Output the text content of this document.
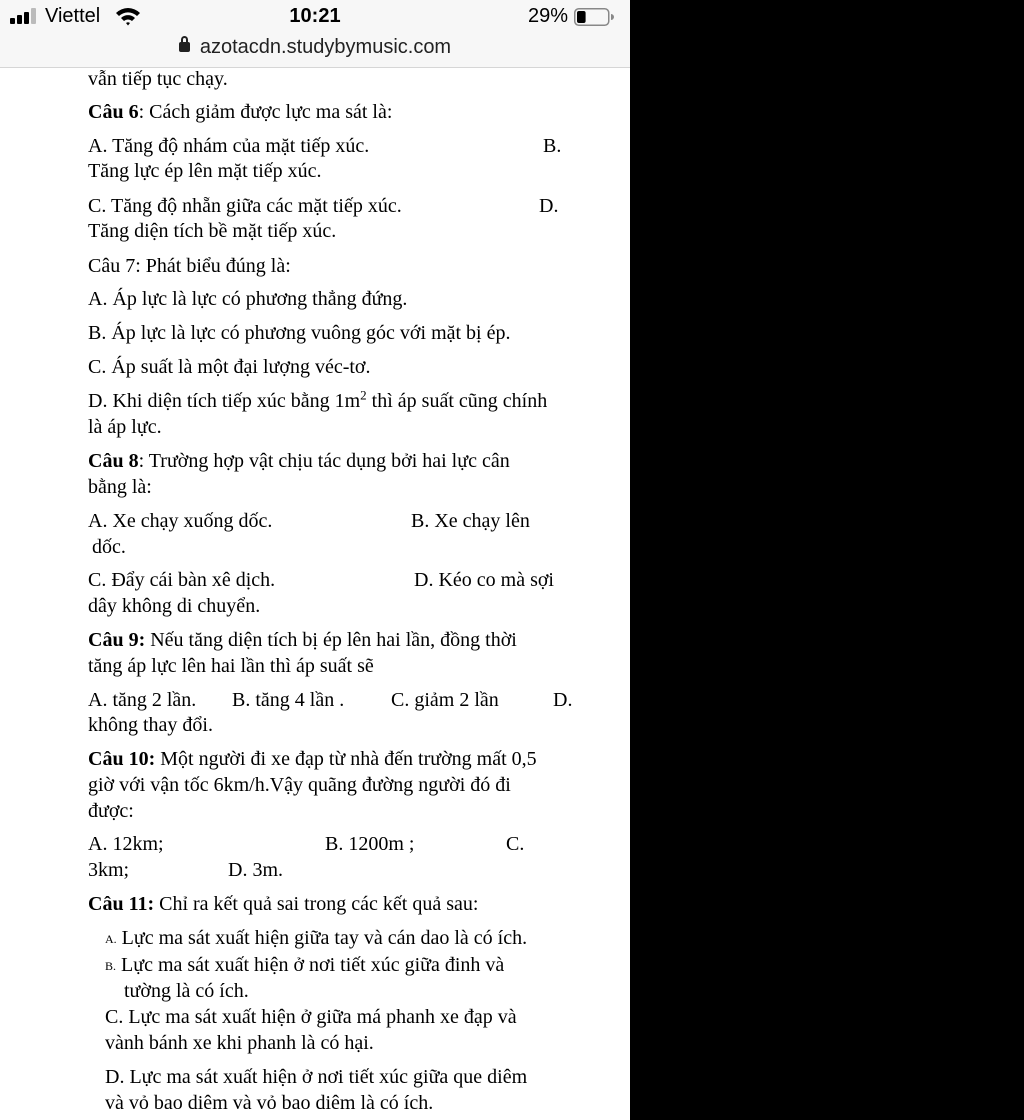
Viettel	10:21	29%
azotacdn.studybymusic.com
vẫn tiếp tục chạy.
Câu 6: Cách giảm được lực ma sát là:
A. Tăng độ nhám của mặt tiếp xúc.	B.
Tăng lực ép lên mặt tiếp xúc.
C. Tăng độ nhẵn giữa các mặt tiếp xúc.	D.
Tăng diện tích bề mặt tiếp xúc.
Câu 7: Phát biểu đúng là:
A. Áp lực là lực có phương thẳng đứng.
B. Áp lực là lực có phương vuông góc với mặt bị ép.
C. Áp suất là một đại lượng véc-tơ.
D. Khi diện tích tiếp xúc bằng $1m^2$ thì áp suất cũng chính
là áp lực.
Câu 8: Trường hợp vật chịu tác dụng bởi hai lực cân
bằng là:
A. Xe chạy xuống dốc.	B. Xe chạy lên
dốc.
C. Đẩy cái bàn xê dịch.	D. Kéo co mà sợi
dây không di chuyển.
Câu 9: Nếu tăng diện tích bị ép lên hai lần, đồng thời
tăng áp lực lên hai lần thì áp suất sẽ
A. tăng 2 lần. B. tăng 4 lần . C. giảm 2 lần	D.
không thay đổi.
Câu 10: Một người đi xe đạp từ nhà đến trường mất 0,5
giờ với vận tốc 6km/h.Vậy quãng đường người đó đi
được:
A. 12km;	B. 1200m ;	C.
3km;	D. 3m.
Câu 11: Chỉ ra kết quả sai trong các kết quả sau:
A. Lực ma sát xuất hiện giữa tay và cán dao là có ích.
B. Lực ma sát xuất hiện ở nơi tiết xúc giữa đinh và
tường là có ích.
C. Lực ma sát xuất hiện ở giữa má phanh xe đạp và
vành bánh xe khi phanh là có hại.
D. Lực ma sát xuất hiện ở nơi tiết xúc giữa que diêm
và vỏ bao diêm và vỏ bao diêm là có ích.
